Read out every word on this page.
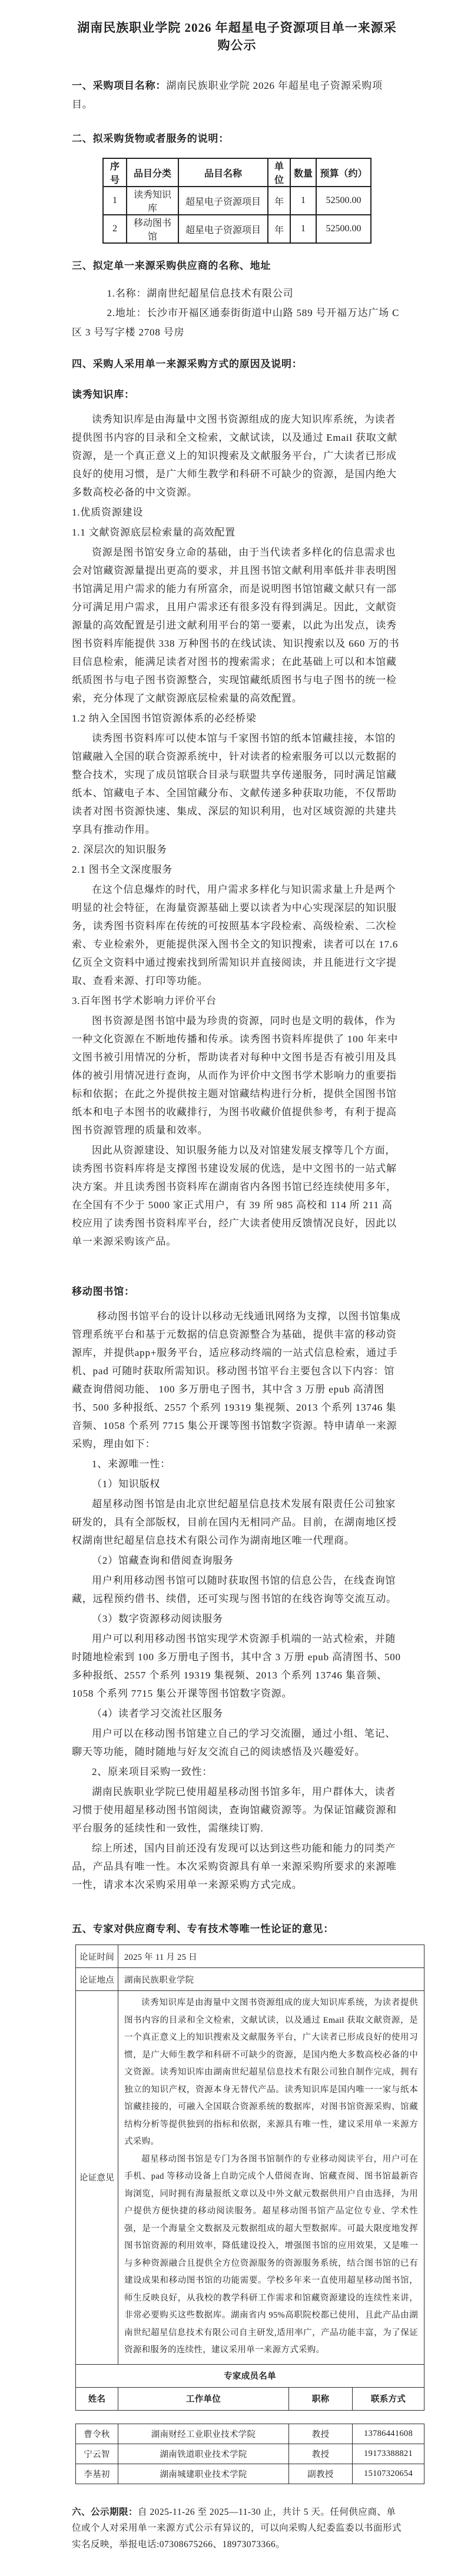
湖南民族职业学院 2026 年超星电子资源项目单一来源采购公示

一、采购项目名称：湖南民族职业学院 2026 年超星电子资源采购项目。

二、拟采购货物或者服务的说明：

序号	品目分类	品目名称	单位	数量	预算（约）
1	读秀知识库	超星电子资源项目	年	1	52500.00
2	移动图书馆	超星电子资源项目	年	1	52500.00

三、拟定单一来源采购供应商的名称、地址

1.名称：湖南世纪超星信息技术有限公司

2.地址：长沙市开福区通泰街街道中山路 589 号开福万达广场 C 区 3 号写字楼 2708 号房

四、采购人采用单一来源采购方式的原因及说明：

读秀知识库：

读秀知识库是由海量中文图书资源组成的庞大知识库系统，为读者提供图书内容的目录和全文检索，文献试读，以及通过 Email 获取文献资源，是一个真正意义上的知识搜索及文献服务平台，广大读者已形成良好的使用习惯，是广大师生教学和科研不可缺少的资源，是国内绝大多数高校必备的中文资源。

1.优质资源建设

1.1 文献资源底层检索量的高效配置

资源是图书馆安身立命的基础，由于当代读者多样化的信息需求也会对馆藏资源量提出更高的要求，并且图书馆文献利用率低并非表明图书馆满足用户需求的能力有所富余，而是说明图书馆馆藏文献只有一部分可满足用户需求，且用户需求还有很多没有得到满足。因此，文献资源量的高效配置是引进文献利用平台的第一要素，以此为出发点，读秀图书资料库能提供 338 万种图书的在线试读、知识搜索以及 660 万的书目信息检索，能满足读者对图书的搜索需求；在此基础上可以和本馆藏纸质图书与电子图书资源整合，实现馆藏纸质图书与电子图书的统一检索，充分体现了文献资源底层检索量的高效配置。

1.2 纳入全国图书馆资源体系的必经桥梁

读秀图书资料库可以使本馆与千家图书馆的纸本馆藏挂接，本馆的馆藏融入全国的联合资源系统中，针对读者的检索服务可以以元数据的整合技术，实现了成员馆联合目录与联盟共享传递服务，同时满足馆藏纸本、馆藏电子本、全国馆藏分布、文献传递多种获取功能，不仅帮助读者对图书资源快速、集成、深层的知识利用，也对区域资源的共建共享具有推动作用。

2. 深层次的知识服务

2.1 图书全文深度服务

在这个信息爆炸的时代，用户需求多样化与知识需求量上升是两个明显的社会特征，在海量资源基础上要以读者为中心实现深层的知识服务，读秀图书资料库在传统的可按照基本字段检索、高级检索、二次检索、专业检索外，更能提供深入图书全文的知识搜索，读者可以在 17.6 亿页全文资料中通过搜索找到所需知识并直接阅读，并且能进行文字提取、查看来源、打印等功能。

3.百年图书学术影响力评价平台

图书资源是图书馆中最为珍贵的资源，同时也是文明的载体，作为一种文化资源在不断地传播和传承。读秀图书资料库提供了 100 年来中文图书被引用情况的分析，帮助读者对每种中文图书是否有被引用及具体的被引用情况进行查询，从而作为评价中文图书学术影响力的重要指标和依据；在此之外提供按主题对馆藏结构进行分析，提供全国图书馆纸本和电子本图书的收藏排行，为图书收藏价值提供参考，有利于提高图书资源管理的质量和效率。

因此从资源建设、知识服务能力以及对馆建发展支撑等几个方面，读秀图书资料库将是支撑图书建设发展的优选，是中文图书的一站式解决方案。并且读秀图书资料库在湖南省内各图书馆已经连续使用多年，在全国有不少于 5000 家正式用户，有 39 所 985 高校和 114 所 211 高校应用了读秀图书资料库平台，经广大读者使用反馈情况良好，因此以单一来源采购该产品。

移动图书馆：

移动图书馆平台的设计以移动无线通讯网络为支撑，以图书馆集成管理系统平台和基于元数据的信息资源整合为基础，提供丰富的移动资源库，并提供app+服务平台，适应移动终端的一站式信息检索，通过手机、pad 可随时获取所需知识。移动图书馆平台主要包含以下内容：馆藏查询借阅功能、 100 多万册电子图书，其中含 3 万册 epub 高清图书、500 多种报纸、2557 个系列 19319 集视频、2013 个系列 13746 集音频、1058 个系列 7715 集公开课等图书馆数字资源。特申请单一来源采购，理由如下：

1、来源唯一性：

（1）知识版权

超星移动图书馆是由北京世纪超星信息技术发展有限责任公司独家研发的，具有全部版权，目前在国内无相同产品。目前，在湖南地区授权湖南世纪超星信息技术有限公司作为湖南地区唯一代理商。

（2）馆藏查询和借阅查询服务

用户利用移动图书馆可以随时获取图书馆的信息公告，在线查询馆藏，远程预约借书、续借，还可实现与图书馆的在线咨询等交流互动。

（3）数字资源移动阅读服务

用户可以利用移动图书馆实现学术资源手机端的一站式检索，并随时随地检索到 100 多万册电子图书，其中含 3 万册 epub 高清图书、500 多种报纸、2557 个系列 19319 集视频、2013 个系列 13746 集音频、1058 个系列 7715 集公开课等图书馆数字资源。

（4）读者学习交流社区服务

用户可以在移动图书馆建立自己的学习交流圈，通过小组、笔记、聊天等功能，随时随地与好友交流自己的阅读感悟及兴趣爱好。

2、原来项目采购一致性：

湖南民族职业学院已使用超星移动图书馆多年，用户群体大，读者习惯于使用超星移动图书馆阅读，查询馆藏资源等。为保证馆藏资源和平台服务的延续性和一致性，需继续订购.

综上所述，国内目前还没有发现可以达到这些功能和能力的同类产品，产品具有唯一性。本次采购资源具有单一来源采购所要求的来源唯一性，请求本次采购采用单一来源采购方式完成。

五、专家对供应商专利、专有技术等唯一性论证的意见：

论证时间	2025 年 11 月 25 日		
论证地点	湖南民族职业学院		
论证意见	读秀知识库是由海量中文图书资源组成的庞大知识库系统，为读者提供图书内容的目录和全文检索，文献试读，以及通过 Email 获取文献资源，是一个真正意义上的知识搜索及文献服务平台，广大读者已形成良好的使用习惯，是广大师生教学和科研不可缺少的资源，是国内绝大多数高校必备的中文资源。读秀知识库由湖南世纪超星信息技术有限公司独自制作完成，拥有独立的知识产权，资源本身无替代产品。读秀知识库是国内唯一一家与纸本馆藏挂接的，可融入全国联合资源系统的数据库，对图书馆资源采购、馆藏结构分析等提供独到的指标和依据，来源具有唯一性，建议采用单一来源方式采购。

超星移动图书馆是专门为各图书馆制作的专业移动阅读平台，用户可在手机、pad 等移动设备上自助完成个人借阅查询、馆藏查阅、图书馆最新咨询浏览，同时拥有海量报纸文章以及中外文献元数据供用户自由选择，为用户提供方便快捷的移动阅读服务。超星移动图书馆产品定位专业、学术性强，是一个海量全文数据及元数据组成的超大型数据库。可最大限度地发挥图书馆资源的利用效率，降低建设投入，增强图书馆的应用效果，又是唯一与多种资源融合且提供全方位资源服务的资源服务系统，结合图书馆的已有建设成果和移动图书馆的功能需要。学校多年来一直使用超星移动图书馆，师生反映良好，从我校的教学科研工作需求和馆藏资源建设的连续性来讲，非常必要购买这些数据库。湖南省内 95%高职院校都已使用，且此产品由湖南世纪超星信息技术有限公司自主研发,适用率广，产品功能丰富，为了保证资源和服务的连续性，建议采用单一来源方式采购。		

专家成员名单			
姓名	工作单位	职称	联系方式
曹令秋	湖南财经工业职业技术学院	教授	13786441608
宁云智	湖南铁道职业技术学院	教授	19173388821
李基初	湖南城建职业技术学院	副教授	15107320654

六、公示期限：自 2025-11-26 至 2025—11-30 止，共计 5 天。任何供应商、单位或个人对采用单一来源方式公示有异议的，可以向采购人纪委监委以书面形式实名反映，举报电话:07308675266、18973073366。
